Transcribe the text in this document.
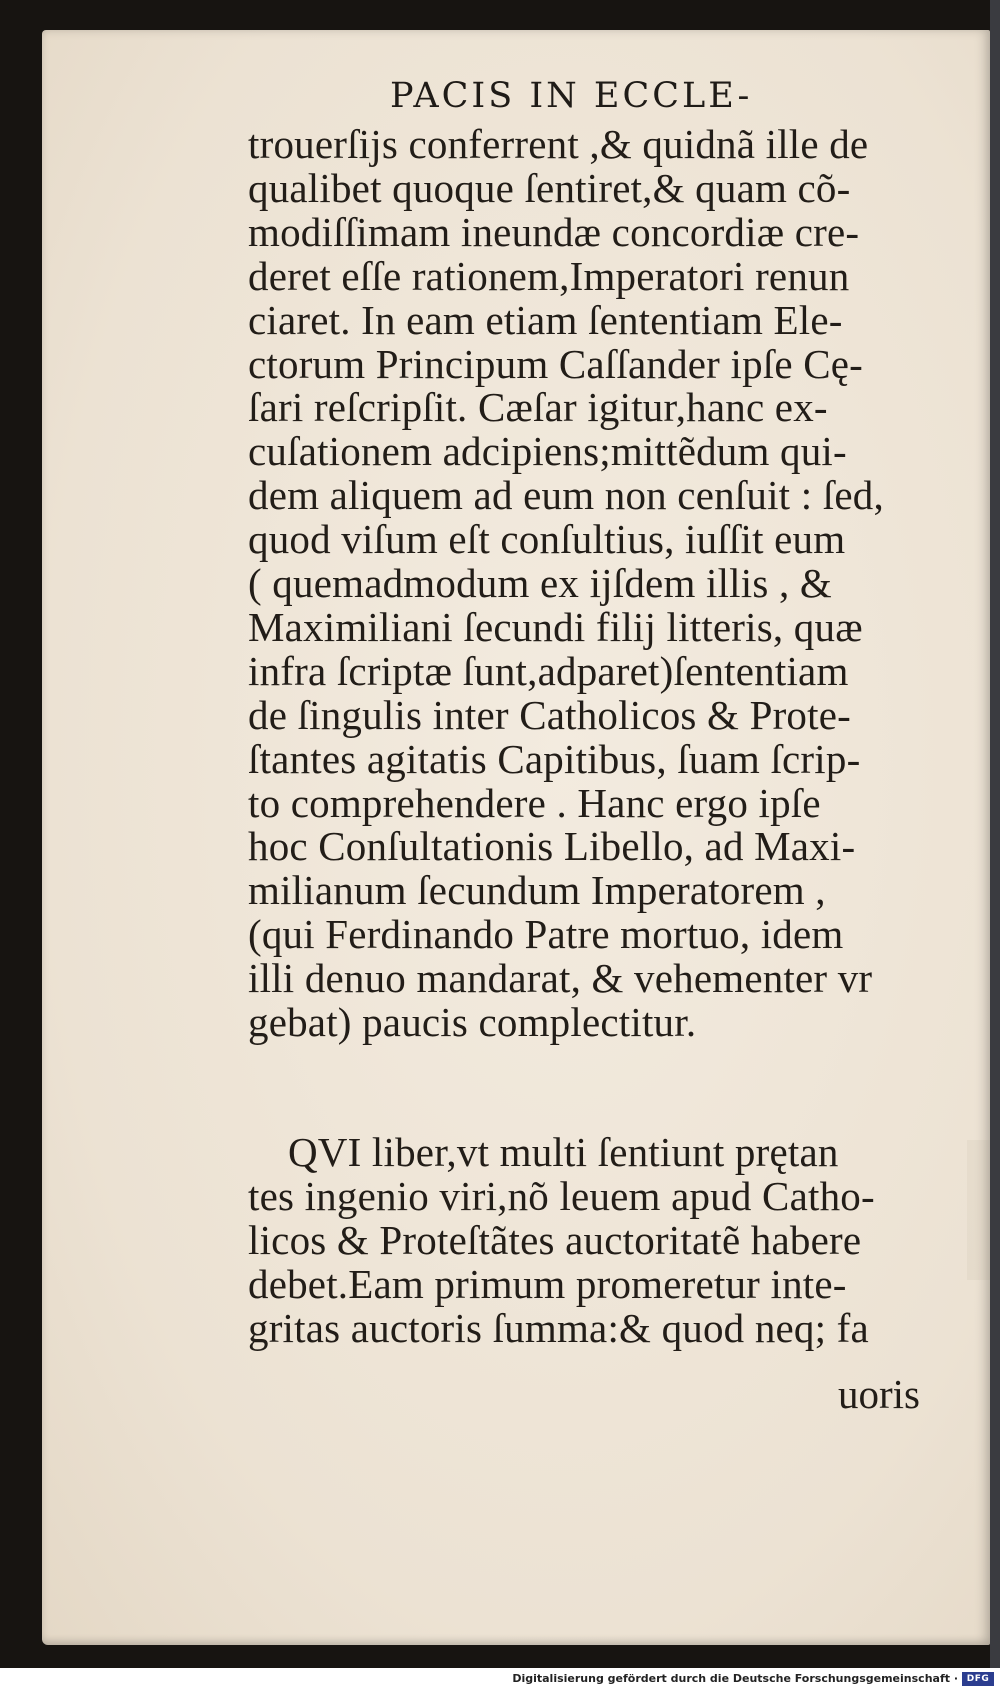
PACIS IN ECCLE-
trouerſijs conferrent ,& quidnã ille de
qualibet quoque ſentiret,& quam cõ-
modiſſimam ineundæ concordiæ cre-
deret eſſe rationem,Imperatori renun
ciaret. In eam etiam ſententiam Ele-
ctorum Principum Caſſander ipſe Cę-
ſari reſcripſit. Cæſar igitur,hanc ex-
cuſationem adcipiens;mittẽdum qui-
dem aliquem ad eum non cenſuit : ſed,
quod viſum eſt conſultius, iuſſit eum
( quemadmodum ex ijſdem illis , &
Maximiliani ſecundi filij litteris, quæ
infra ſcriptæ ſunt,adparet)ſententiam
de ſingulis inter Catholicos & Prote-
ſtantes agitatis Capitibus, ſuam ſcrip-
to comprehendere . Hanc ergo ipſe
hoc Conſultationis Libello, ad Maxi-
milianum ſecundum Imperatorem ,
(qui Ferdinando Patre mortuo, idem
illi denuo mandarat, & vehementer vr
gebat) paucis complectitur.
QVI liber,vt multi ſentiunt prętan
tes ingenio viri,nõ leuem apud Catho-
licos & Proteſtãtes auctoritatẽ habere
debet.Eam primum promeretur inte-
gritas auctoris ſumma:& quod neq; fa
uoris
Digitalisierung gefördert durch die Deutsche Forschungsgemeinschaft · DFG
